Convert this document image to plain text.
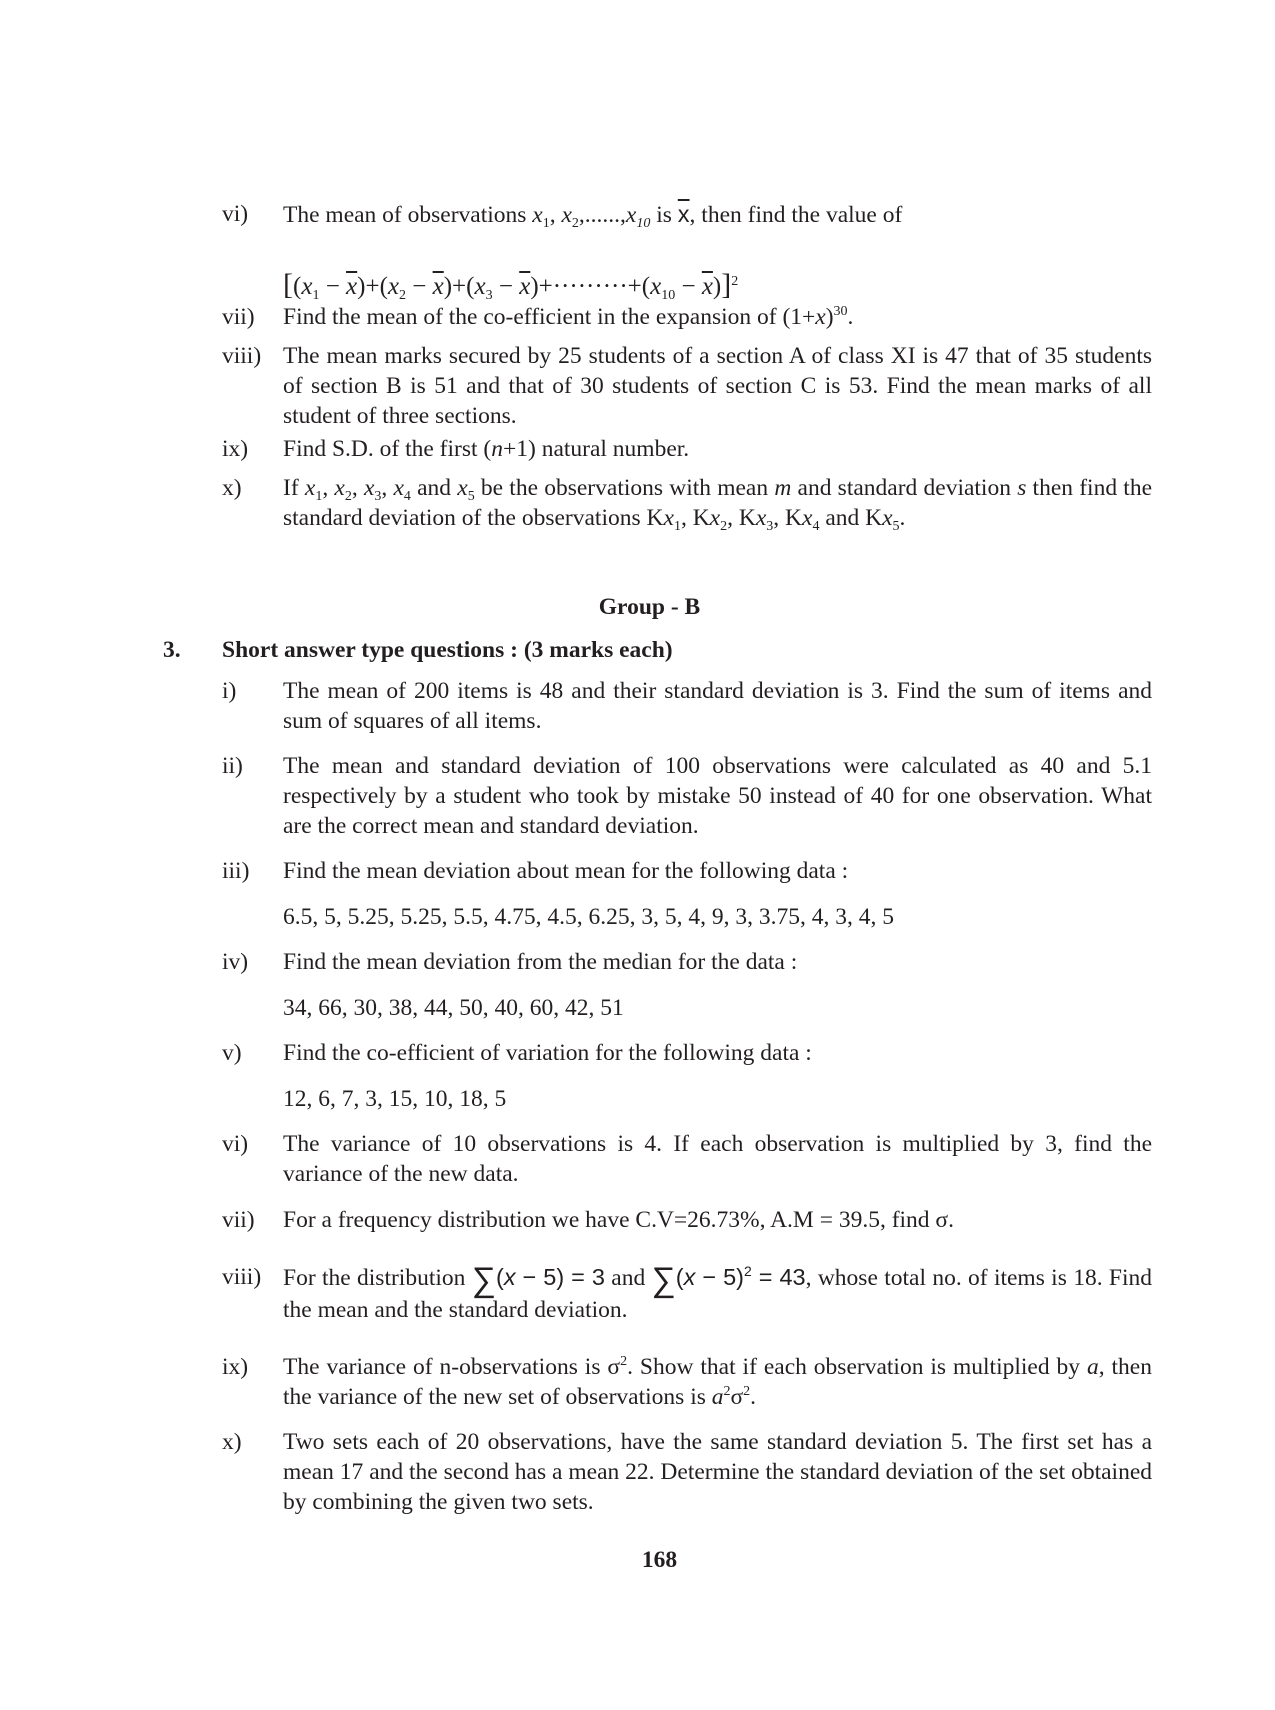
vi)	The mean of observations $x_1$, $x_2,......,x_{10}$ is $\overline{x}$, then find the value of
$[(x_1 - \overline{x})+(x_2 - \overline{x})+(x_3 - \overline{x})+\cdot\cdot\cdot\cdot\cdot\cdot\cdot\cdot\cdot+(x_{10} - \overline{x})]^2$
vii)	Find the mean of the co-efficient in the expansion of $(1+x)^{30}$.
viii) The mean marks secured by 25 students of a section A of class XI is 47 that of 35 students of section B is 51 and that of 30 students of section C is 53. Find the mean marks of all student of three sections.
ix)	Find S.D. of the first (n+1) natural number.
x)	If $x_1$, $x_2$, $x_3$, $x_4$ and $x_5$ be the observations with mean m and standard deviation s then find the standard deviation of the observations $Kx_1$, $Kx_2$, $Kx_3$, $Kx_4$ and $Kx_5$.
Group - B
3. Short answer type questions : (3 marks each)
i)	The mean of 200 items is 48 and their standard deviation is 3. Find the sum of items and sum of squares of all items.
ii)	The mean and standard deviation of 100 observations were calculated as 40 and 5.1 respectively by a student who took by mistake 50 instead of 40 for one observation. What are the correct mean and standard deviation.
iii)	Find the mean deviation about mean for the following data :
6.5, 5, 5.25, 5.25, 5.5, 4.75, 4.5, 6.25, 3, 5, 4, 9, 3, 3.75, 4, 3, 4, 5
iv)	Find the mean deviation from the median for the data :
34, 66, 30, 38, 44, 50, 40, 60, 42, 51
v)	Find the co-efficient of variation for the following data :
12, 6, 7, 3, 15, 10, 18, 5
vi)	The variance of 10 observations is 4. If each observation is multiplied by 3, find the variance of the new data.
vii)	For a frequency distribution we have C.V=26.73%, A.M = 39.5, find σ.
viii) For the distribution ∑(x − 5) = 3 and $\sum(x - 5)^2 = 43$, whose total no. of items is 18. Find the mean and the standard deviation.
ix)	The variance of n-observations is $\sigma^2$. Show that if each observation is multiplied by a, then the variance of the new set of observations is $a^2\sigma^2$.
x)	Two sets each of 20 observations, have the same standard deviation 5. The first set has a mean 17 and the second has a mean 22. Determine the standard deviation of the set obtained by combining the given two sets.
168
